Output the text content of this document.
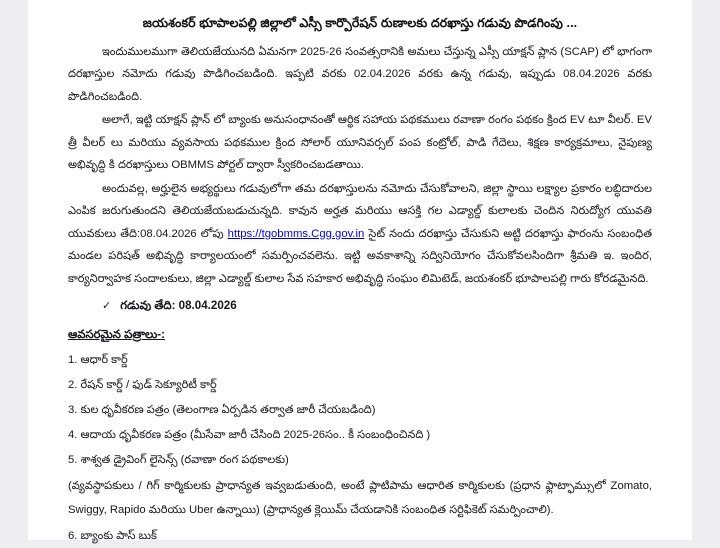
జయశంకర్ భూపాలపల్లి జిల్లాలో ఎస్సీ కార్పొరేషన్ రుణాలకు దరఖాస్తు గడువు పొడగింపు ...

ఇందుములముగా తెలియజేయునది ఏమనగా 2025-26 సంవత్సరానికి అమలు చేస్తున్న ఎస్సీ యాక్షన్ ప్లాన (SCAP) లో భాగంగా దరఖాస్తుల నమోదు గడువు పొడిగించబడింది. ఇప్పటి వరకు 02.04.2026 వరకు ఉన్న గడువు, ఇప్పుడు 08.04.2026 వరకు పొడిగించబడింది.

అలాగే, ఇట్టి యాక్షన్ ప్లాన్ లో బ్యాంకు అనుసంధానంతో ఆర్థిక సహాయ పథకములు రవాణా రంగం పథకం క్రింద EV టూ వీలర్. EV త్రీ వీలర్ లు మరియు వ్యవసాయ పథకముల క్రింద సోలార్ యూనివర్సల్ పంప కంట్రోల్, పాడి గేదెలు, శిక్షణ కార్యక్రమాలు, నైపుణ్య అభివృద్ధి కి దరఖాస్తులు OBMMS పోర్టల్ ద్వారా స్వీకరించబడతాయి.

అందువల్ల, అర్హులైన అభ్యర్థులు గడువులోగా తమ దరఖాస్తులను నమోదు చేసుకోవాలని, జిల్లా స్థాయి లక్ష్యాల ప్రకారం లబ్ధిదారుల ఎంపిక జరుగుతుందని తెలియజేయబడుచున్నది. కావున అర్హత మరియు ఆసక్తి గల ఎడ్యాల్డ్ కులాలకు చెందిన నిరుద్యోగ యువతి యువకులు తేది:08.04.2026 లోపు https://tgobmms.Cgg.gov.in సైట్ నందు దరఖాస్తు చేసుకుని అట్టి దరఖాస్తు ఫారంను సంబంధిత మండల పరిషత్ అభివృద్ధి కార్యాలయంలో సమర్పించవలెను. ఇట్టి అవకాశాన్ని సద్వినియోగం చేసుకోవలసిందిగా శ్రీమతి ఇ. ఇందిర, కార్యనిర్వాహక సందాలకులు, జిల్లా ఎడ్యాల్డ్ కులాల సేవ సహకార అభివృద్ధి సంఘం లిమిటెడ్, జయశంకర్ భూపాలపల్లి గారు కోరడమైనది.

✓ గడువు తేది: 08.04.2026
ఆవసరమైన పత్రాలు-:
1. ఆధార్ కార్డ్
2. రేషన్ కార్డ్ / ఫుడ్ సెక్యూరిటీ కార్డ్
3. కుల ధృవీకరణ పత్రం (తెలంగాణ ఏర్పడిన తర్వాత జారీ చేయబడింది)
4. ఆదాయ ధృవీకరణ పత్రం (మీసేవా జారీ చేసింది 2025-26సం.. కీ సంబంధించినది )
5. శాశ్వత డ్రైవింగ్ లైసెన్స్ (రవాణా రంగ పథకాలకు)

(వ్యవస్థాపకులు / గిగ్ కార్మికులకు ప్రాధాన్యత ఇవ్వబడుతుంది, అంటే ప్లాటిపామ ఆధారిత కార్మికులకు (ప్రధాన ఫ్లాట్ఫామ్సులో Zomato, Swiggy, Rapido మరియు Uber ఉన్నాయి) (ప్రాధాన్యత క్లెయిమ్ చేయడానికి సంబంధిత సర్టిఫికెట్ సమర్పించాలి).

6. బ్యాంకు పాస్ బుక్
